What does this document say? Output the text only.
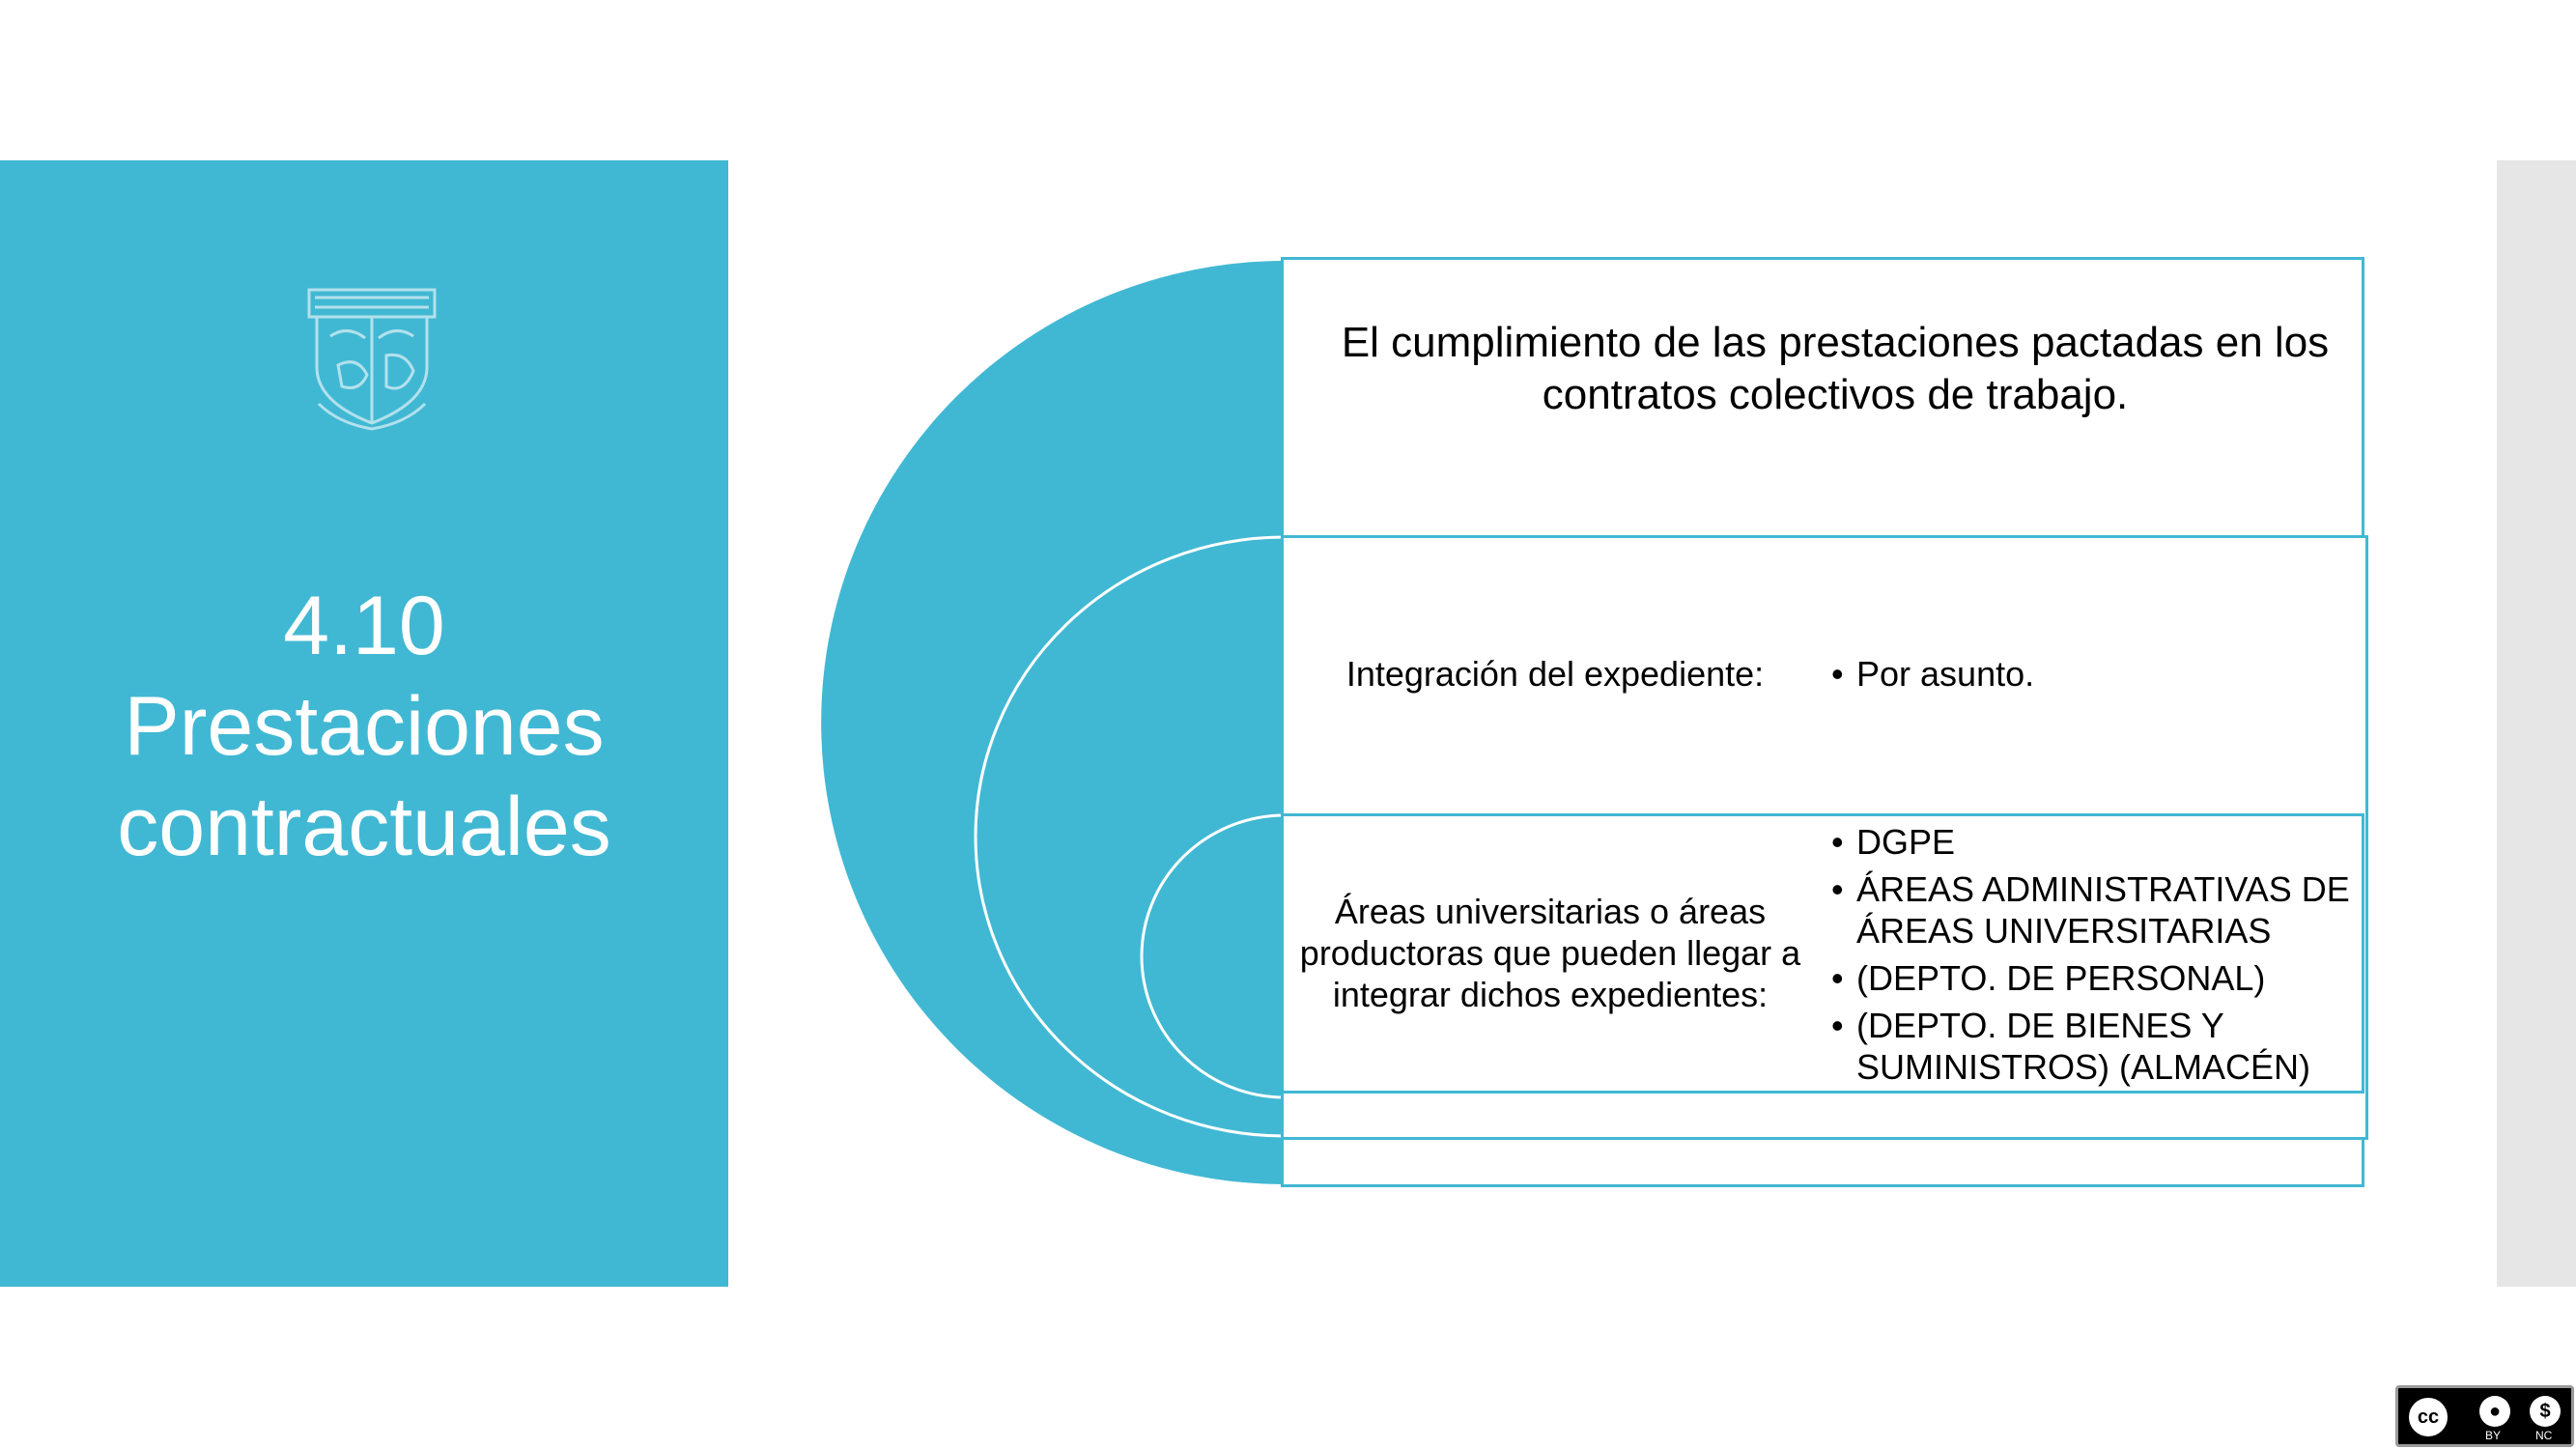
4.10
Prestaciones
contractuales
El cumplimiento de las prestaciones pactadas en los contratos colectivos de trabajo.
Integración del expediente:
•	Por asunto.
Áreas universitarias o áreas productoras que pueden llegar a integrar dichos expedientes:
• DGPE
• ÁREAS ADMINISTRATIVAS DE ÁREAS UNIVERSITARIAS
• (DEPTO. DE PERSONAL)
• (DEPTO. DE BIENES Y SUMINISTROS) (ALMACÉN)
cc	●	$
BY	NC
